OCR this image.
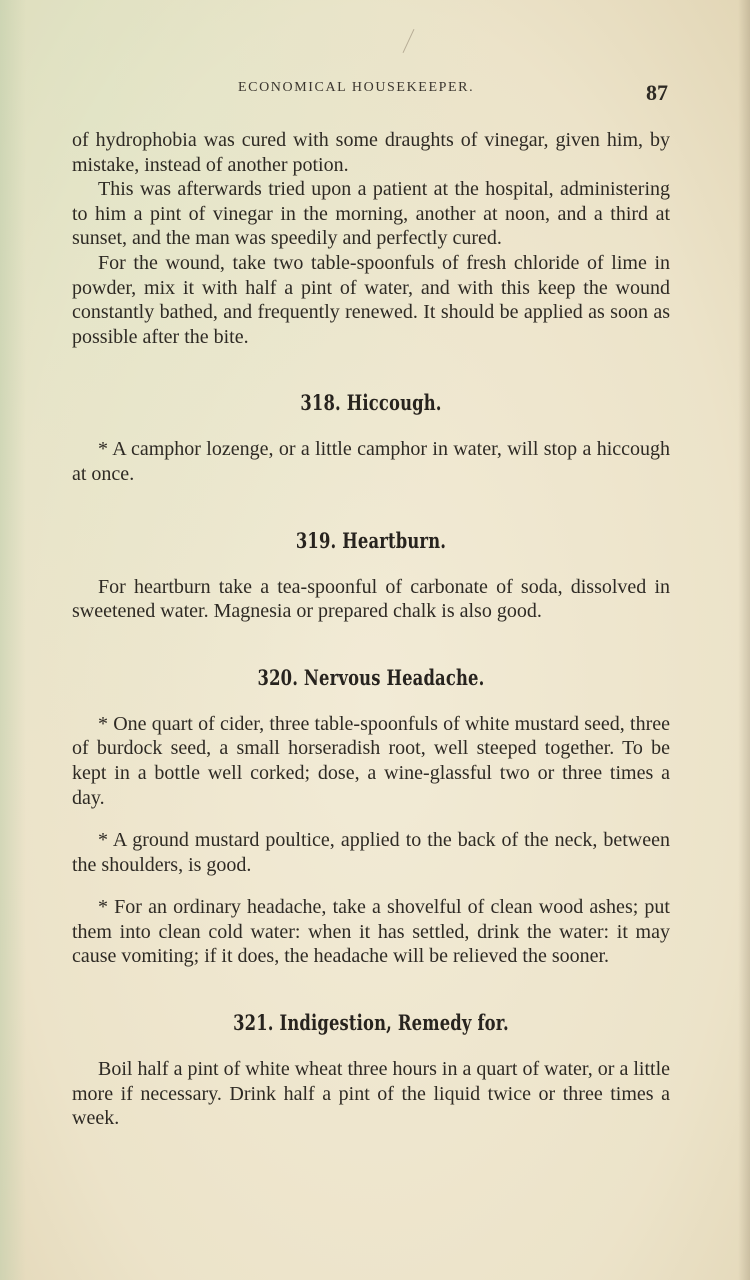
ECONOMICAL HOUSEKEEPER.	87

of hydrophobia was cured with some draughts of vinegar, given him, by mistake, instead of another potion.

This was afterwards tried upon a patient at the hospital, administering to him a pint of vinegar in the morning, another at noon, and a third at sunset, and the man was speedily and perfectly cured.

For the wound, take two table-spoonfuls of fresh chloride of lime in powder, mix it with half a pint of water, and with this keep the wound constantly bathed, and frequently renewed. It should be applied as soon as possible after the bite.

318. Hiccough.

* A camphor lozenge, or a little camphor in water, will stop a hiccough at once.

319. Heartburn.

For heartburn take a tea-spoonful of carbonate of soda, dissolved in sweetened water. Magnesia or prepared chalk is also good.

320. Nervous Headache.

* One quart of cider, three table-spoonfuls of white mustard seed, three of burdock seed, a small horseradish root, well steeped together. To be kept in a bottle well corked; dose, a wine-glassful two or three times a day.

* A ground mustard poultice, applied to the back of the neck, between the shoulders, is good.

* For an ordinary headache, take a shovelful of clean wood ashes; put them into clean cold water: when it has settled, drink the water: it may cause vomiting; if it does, the headache will be relieved the sooner.

321. Indigestion, Remedy for.

Boil half a pint of white wheat three hours in a quart of water, or a little more if necessary. Drink half a pint of the liquid twice or three times a week.
